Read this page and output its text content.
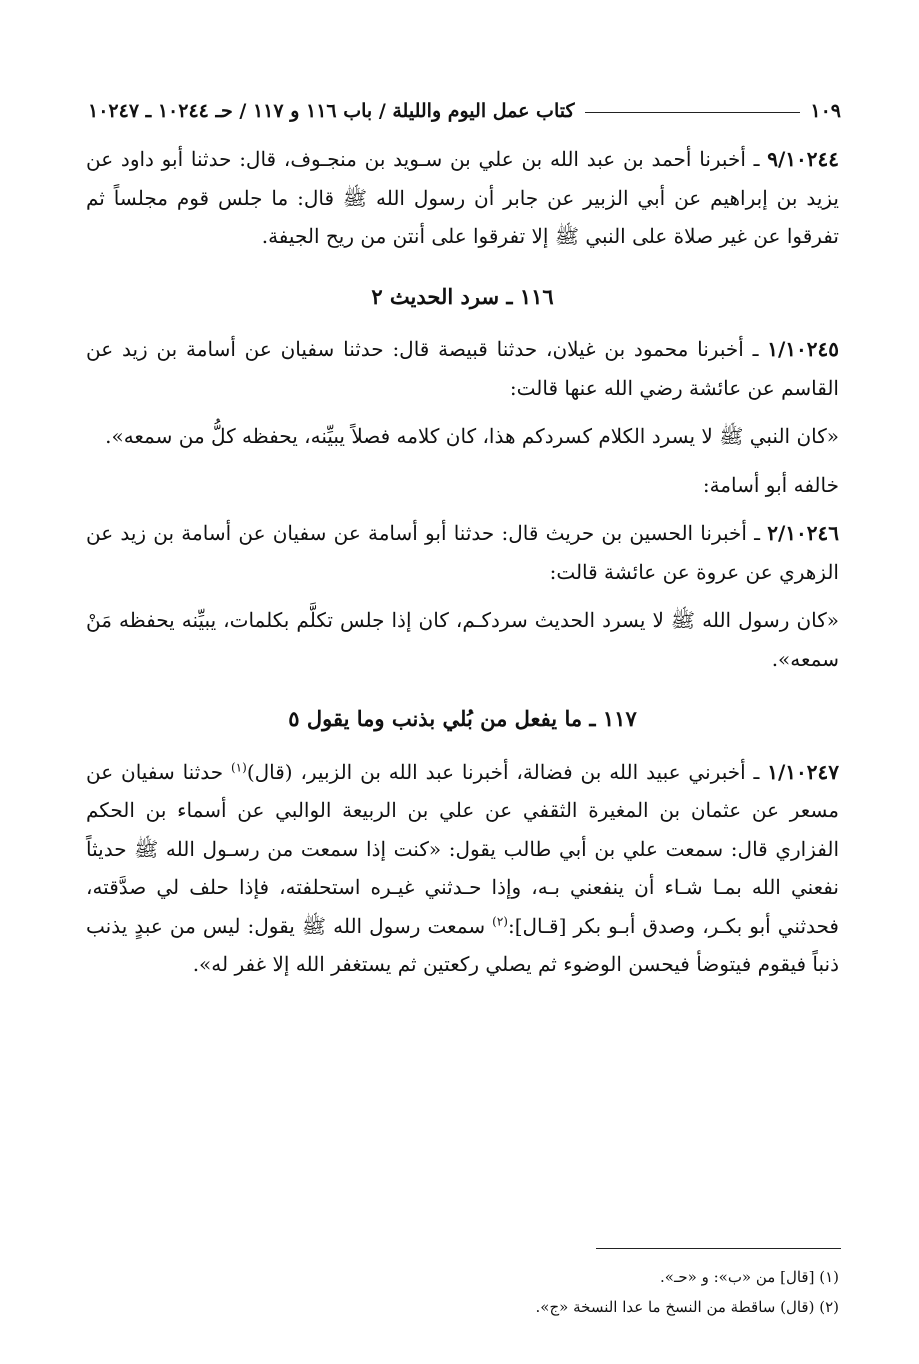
كتاب عمل اليوم والليلة / باب ١١٦ و ١١٧ / حـ ١٠٢٤٤ ـ ١٠٢٤٧	١٠٩

٩/١٠٢٤٤ ـ أخبرنا أحمد بن عبد الله بن علي بن سـويد بن منجـوف، قال: حدثنا أبو داود عن يزيد بن إبراهيم عن أبي الزبير عن جابر أن رسول الله ﷺ قال: ما جلس قوم مجلساً ثم تفرقوا عن غير صلاة على النبي ﷺ إلا تفرقوا على أنتن من ريح الجيفة.

١١٦ ـ سرد الحديث ٢

١/١٠٢٤٥ ـ أخبرنا محمود بن غيلان، حدثنا قبيصة قال: حدثنا سفيان عن أسامة بن زيد عن القاسم عن عائشة رضي الله عنها قالت:

«كان النبي ﷺ لا يسرد الكلام كسردكم هذا، كان كلامه فصلاً يبيِّنه، يحفظه كلُّ من سمعه».

خالفه أبو أسامة:

٢/١٠٢٤٦ ـ أخبرنا الحسين بن حريث قال: حدثنا أبو أسامة عن سفيان عن أسامة بن زيد عن الزهري عن عروة عن عائشة قالت:

«كان رسول الله ﷺ لا يسرد الحديث سردكـم، كان إذا جلس تكلَّم بكلمات، يبيِّنه يحفظه مَنْ سمعه».

١١٧ ـ ما يفعل من بُلي بذنب وما يقول ٥

١/١٠٢٤٧ ـ أخبرني عبيد الله بن فضالة، أخبرنا عبد الله بن الزبير، (قال)$^{(١)}$ حدثنا سفيان عن مسعر عن عثمان بن المغيرة الثقفي عن علي بن الربيعة الوالبي عن أسماء بن الحكم الفزاري قال: سمعت علي بن أبي طالب يقول: «كنت إذا سمعت من رسـول الله ﷺ حديثاً نفعني الله بمـا شـاء أن ينفعني بـه، وإذا حـدثني غيـره استحلفته، فإذا حلف لي صدَّقته، فحدثني أبو بكـر، وصدق أبـو بكر [قـال]:$^{(٢)}$ سمعت رسول الله ﷺ يقول: ليس من عبدٍ يذنب ذنباً فيقوم فيتوضأ فيحسن الوضوء ثم يصلي ركعتين ثم يستغفر الله إلا غفر له».

(١) [قال] من «ب»: و «حـ».
(٢) (قال) ساقطة من النسخ ما عدا النسخة «ج».
